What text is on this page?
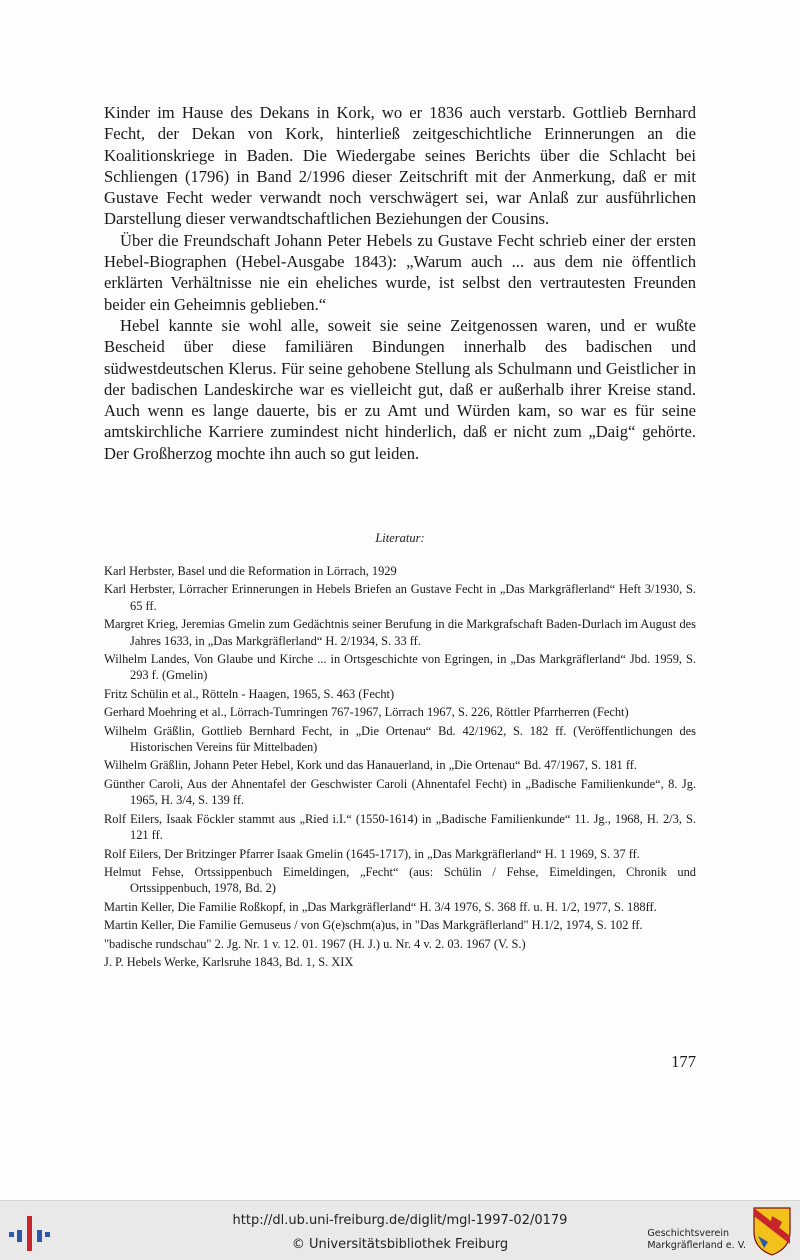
Kinder im Hause des Dekans in Kork, wo er 1836 auch verstarb. Gottlieb Bernhard Fecht, der Dekan von Kork, hinterließ zeitgeschichtliche Erinnerungen an die Koalitionskriege in Baden. Die Wiedergabe seines Berichts über die Schlacht bei Schliengen (1796) in Band 2/1996 dieser Zeitschrift mit der Anmerkung, daß er mit Gustave Fecht weder verwandt noch verschwägert sei, war Anlaß zur ausführlichen Darstellung dieser verwandtschaftlichen Beziehungen der Cousins.

Über die Freundschaft Johann Peter Hebels zu Gustave Fecht schrieb einer der ersten Hebel-Biographen (Hebel-Ausgabe 1843): „Warum auch ... aus dem nie öffentlich erklärten Verhältnisse nie ein eheliches wurde, ist selbst den vertrautesten Freunden beider ein Geheimnis geblieben.“

Hebel kannte sie wohl alle, soweit sie seine Zeitgenossen waren, und er wußte Bescheid über diese familiären Bindungen innerhalb des badischen und südwestdeutschen Klerus. Für seine gehobene Stellung als Schulmann und Geistlicher in der badischen Landeskirche war es vielleicht gut, daß er außerhalb ihrer Kreise stand. Auch wenn es lange dauerte, bis er zu Amt und Würden kam, so war es für seine amtskirchliche Karriere zumindest nicht hinderlich, daß er nicht zum „Daig“ gehörte. Der Großherzog mochte ihn auch so gut leiden.

Literatur:

Karl Herbster, Basel und die Reformation in Lörrach, 1929

Karl Herbster, Lörracher Erinnerungen in Hebels Briefen an Gustave Fecht in „Das Markgräflerland“ Heft 3/1930, S. 65 ff.

Margret Krieg, Jeremias Gmelin zum Gedächtnis seiner Berufung in die Markgrafschaft Baden-Durlach im August des Jahres 1633, in „Das Markgräflerland“ H. 2/1934, S. 33 ff.

Wilhelm Landes, Von Glaube und Kirche ... in Ortsgeschichte von Egringen, in „Das Markgräflerland“ Jbd. 1959, S. 293 f. (Gmelin)

Fritz Schülin et al., Rötteln - Haagen, 1965, S. 463 (Fecht)

Gerhard Moehring et al., Lörrach-Tumringen 767-1967, Lörrach 1967, S. 226, Röttler Pfarrherren (Fecht)

Wilhelm Gräßlin, Gottlieb Bernhard Fecht, in „Die Ortenau“ Bd. 42/1962, S. 182 ff. (Veröffentlichungen des Historischen Vereins für Mittelbaden)

Wilhelm Gräßlin, Johann Peter Hebel, Kork und das Hanauerland, in „Die Ortenau“ Bd. 47/1967, S. 181 ff.

Günther Caroli, Aus der Ahnentafel der Geschwister Caroli (Ahnentafel Fecht) in „Badische Familienkunde“, 8. Jg. 1965, H. 3/4, S. 139 ff.

Rolf Eilers, Isaak Föckler stammt aus „Ried i.I.“ (1550-1614) in „Badische Familienkunde“ 11. Jg., 1968, H. 2/3, S. 121 ff.

Rolf Eilers, Der Britzinger Pfarrer Isaak Gmelin (1645-1717), in „Das Markgräflerland“ H. 1 1969, S. 37 ff.

Helmut Fehse, Ortssippenbuch Eimeldingen, „Fecht“ (aus: Schülin / Fehse, Eimeldingen, Chronik und Ortssippenbuch, 1978, Bd. 2)

Martin Keller, Die Familie Roßkopf, in „Das Markgräflerland“ H. 3/4 1976, S. 368 ff. u. H. 1/2, 1977, S. 188ff.

Martin Keller, Die Familie Gemuseus / von G(e)schm(a)us, in "Das Markgräflerland" H.1/2, 1974, S. 102 ff.

"badische rundschau" 2. Jg. Nr. 1 v. 12. 01. 1967 (H. J.) u. Nr. 4 v. 2. 03. 1967 (V. S.)

J. P. Hebels Werke, Karlsruhe 1843, Bd. 1, S. XIX

177
http://dl.ub.uni-freiburg.de/diglit/mgl-1997-02/0179
© Universitätsbibliothek Freiburg
Geschichtsverein
Markgräflerland e. V.
